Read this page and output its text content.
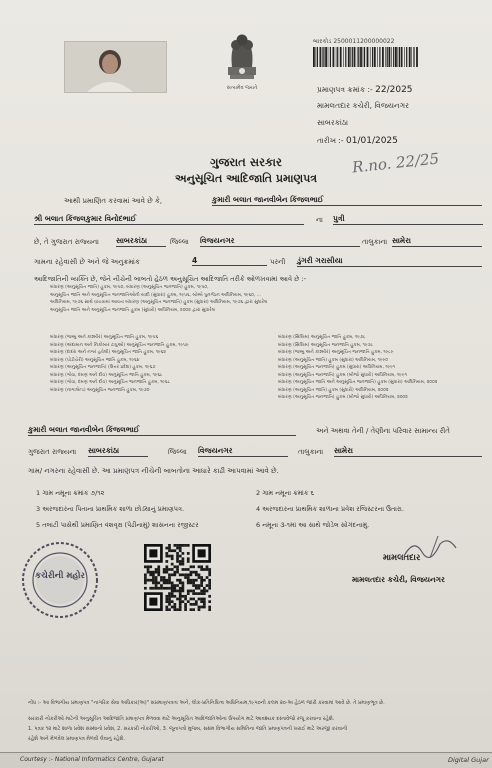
સત્યમેવ જયતે
બારકોડ 2500011200000022
પ્રમાણપત્ર ક્રમાંક :- 22/2025
મામલતદાર કચેરી, વિજયનગર
સાબરકાંઠા
તારીખ :- 01/01/2025
R.no. 22/25
ગુજરાત સરકાર
અનુસૂચિત આદિજાતિ પ્રમાણપત્ર
આથી પ્રમાણિત કરવામાં આવે છે કે,	કુમારી બલાત જાનવીબેન કિંજલભાઈ
શ્રી બલાત કિંજલકુમાર વિનોદભાઈ	ના પુત્રી
છે, તે ગુજરાત રાજ્યના સાબરકાંઠા	જિલ્લા વિજયનગર	તાલુકાના સામેરા
ગામના રહેવાસી છે અને જે અનુક્રમાંક	4	પરની ડુંગરી ગરાસીયા
આદિજાતિની વ્યક્તિ છે, જેને નીચેની બાબતો હેઠળ અનુસૂચિત આદિજાતિ તરીકે ઓળખવામાં આવે છે :-
બંધારણ (અનુસૂચિત જાતિ) હુકમ, ૧૯૫૦, બંધારણ (અનુસૂચિત જનજાતિ) હુકમ, ૧૯૫૦,
અનુસૂચિત જાતિ અને અનુસૂચિત જનજાતિઓની યાદી (સુધારા) હુકમ, ૧૯૫૬, બોમ્બે પુનર્ગઠન અધિનિયમ, ૧૯૬૦, ...
અધિનિયમ, ૧૯૭૬ સાથે વાંચવામાં આવતા બંધારણ (અનુસૂચિત જનજાતિ) હુકમ (સુધારા) અધિનિયમ, ૧૯૭૬ દ્વારા સુધારેલ
અનુસૂચિત જાતિ અને અનુસૂચિત જનજાતિ હુકમ (સુધારો) અધિનિયમ, ૨૦૦૨ દ્વારા સુધારેલ
બંધારણ (જમ્મુ અને કાશ્મીર) અનુસૂચિત જાતિ હુકમ, ૧૯૫૬
બંધારણ (અંદામાન અને નિકોબાર ટાપુઓ) અનુસૂચિત જનજાતિ હુકમ, ૧૯૫૯
બંધારણ (દાદરા અને નગર હવેલી) અનુસૂચિત જાતિ હુકમ, ૧૯૬૨
બંધારણ (પોંડીચેરી) અનુસૂચિત જાતિ હુકમ, ૧૯૬૪
બંધારણ (અનુસૂચિત જનજાતિ) (ઉત્તર પ્રદેશ) હુકમ, ૧૯૬૭
બંધારણ (ગોવા, દમણ અને દીવ) અનુસૂચિત જાતિ હુકમ, ૧૯૬૮
બંધારણ (ગોવા, દમણ અને દીવ) અનુસૂચિત જનજાતિ હુકમ, ૧૯૬૮
બંધારણ (નાગાલેન્ડ) અનુસૂચિત જનજાતિ હુકમ, ૧૯૭૦
બંધારણ (સિક્કિમ) અનુસૂચિત જાતિ હુકમ, ૧૯૭૮
બંધારણ (સિક્કિમ) અનુસૂચિત જનજાતિ હુકમ, ૧૯૭૮
બંધારણ (જમ્મુ અને કાશ્મીર) અનુસૂચિત જનજાતિ હુકમ, ૧૯૮૯
બંધારણ (અનુસૂચિત જાતિ) હુકમ (સુધારા) અધિનિયમ, ૧૯૯૦
બંધારણ (અનુસૂચિત જનજાતિ) હુકમ (સુધારા) અધિનિયમ, ૧૯૯૧
બંધારણ (અનુસૂચિત જનજાતિ) હુકમ (બીજો સુધારો) અધિનિયમ, ૧૯૯૧
બંધારણ (અનુસૂચિત જાતિ અને અનુસૂચિત જનજાતિ) હુકમ (સુધારા) અધિનિયમ, ૨૦૦૨
બંધારણ (અનુસૂચિત જાતિ) હુકમ (સુધારો) અધિનિયમ, ૨૦૦૨
બંધારણ (અનુસૂચિત જનજાતિ) હુકમ (બીજો સુધારો) અધિનિયમ, ૨૦૦૨
કુમારી બલાત જાનવીબેન કિંજલભાઈ	અને અથવા તેની / તેણીના પરિવાર સામાન્ય રીતે
ગુજરાત રાજ્યના સાબરકાંઠા	જિલ્લા વિજયનગર	તાલુકાના સામેરા
ગામ/ નગરના રહેવાસી છે. આ પ્રમાણપત્ર નીચેની બાબતોના આધારે કાઢી આપવામાં આવે છે.
1 ગામ નમૂના ક્રમાંક ૭/૧૨	2 ગામ નમૂના ક્રમાંક ૬
3 અરજદારના પિતાના પ્રાથમિક શાળા છોડ્યાનું પ્રમાણપત્ર.	4 અરજદારના પ્રાથમિક શાળાના પ્રવેશ રજિસ્ટરના ઉતારા.
5 તલાટી પાસેથી પ્રમાણિત વંશવૃક્ષ (પેઢીનામું) શાસનના રજીસ્ટર	6 નમૂના ૩-૧માં આ સાથે જોડેલ સોગંદનામું.
કચેરીની મહોર
મામલતદાર
મામલતદાર કચેરી, વિજયનગર
નોંધ :- આ વિભાગીય પ્રમાણપત્ર "નાગરિક સેવા અધિકાર(અ)" સપ્રમાણપત્રતા અને, લોક-પ્રતિનિધિત્વ અધિનિયમ,૧૯૫૦ની કલમ ૨૦-અ હેઠળ જારી કરવામાં આવે છે. તે પ્રમાણભૂત છે.
સરકારી નોકરીઓ માટેની અનુસૂચિત આદિજાતિ પ્રમાણપત્ર મેળવવા માટે અનુસૂચિત આદિજાતિઓના ઉપયોગ માટે આવશ્યક દસ્તાવેજો રજૂ કરવાના રહેશે.
1. પત્રક ૧૨ માટે શાળા પ્રવેશ સંસ્થાનો પ્રવેશ, 2. સરકારી નોકરીઓ, 3. જૂનાપત્રો મુજબ, સક્ષમ વિભાગીય સમિતિના જાતિ પ્રમાણપત્રની ખરાઈ માટે અરજી કરવાની
રહેશે અને મેળવેલ પ્રમાણપત્ર મેળવી લેવાનું રહેશે.
Courtesy :- National Informatics Centre, Gujarat	Digital Gujar
